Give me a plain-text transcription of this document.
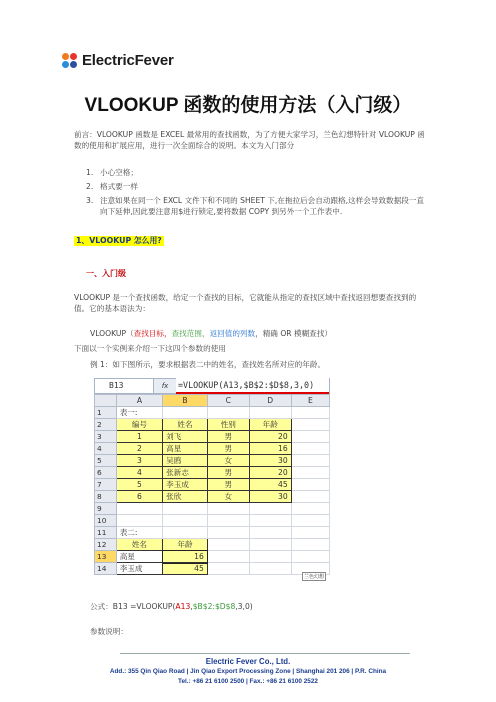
ElectricFever
VLOOKUP 函数的使用方法（入门级）
前言：VLOOKUP 函数是 EXCEL 最常用的查找函数，为了方便大家学习，兰色幻想特针对 VLOOKUP 函数的使用和扩展应用，进行一次全面综合的说明。本文为入门部分
1. 小心空格；
2. 格式要一样
3. 注意如果在同一个 EXCL 文件下和不同的 SHEET 下,在拖拉后会自动跟格,这样会导致数据段一直向下延伸,因此要注意用$进行锁定,要将数据 COPY 到另外一个工作表中.
1、VLOOKUP 怎么用?
一、入门级
VLOOKUP 是一个查找函数，给定一个查找的目标，它就能从指定的查找区域中查找返回想要查找到的值。它的基本语法为：
VLOOKUP（查找目标，查找范围，返回值的列数，精确 OR 模糊查找）
下面以一个实例来介绍一下这四个参数的使用
例 1：如下图所示，要求根据表二中的姓名，查找姓名所对应的年龄。
B13	fx	=VLOOKUP(A13,$B$2:$D$8,3,0)
	A	B	C	D	E
1	表一:				
2	编号	姓名	性别	年龄	
3	1	刘飞	男	20	
4	2	高星	男	16	
5	3	吴鸥	女	30	
6	4	张新志	男	20	
7	5	李玉成	男	45	
8	6	张欣	女	30	
9					
10					
11	表二:				
12	姓名	年龄			
13	高星	16			
14	李玉成	45			
兰色幻想
公式：B13 =VLOOKUP(A13,$B$2:$D$8,3,0)
参数说明：
Electric Fever Co., Ltd.
Add.: 355 Qin Qiao Road | Jin Qiao Export Processing Zone | Shanghai 201 206 | P.R. China
Tel.: +86 21 6100 2500 | Fax.: +86 21 6100 2522
